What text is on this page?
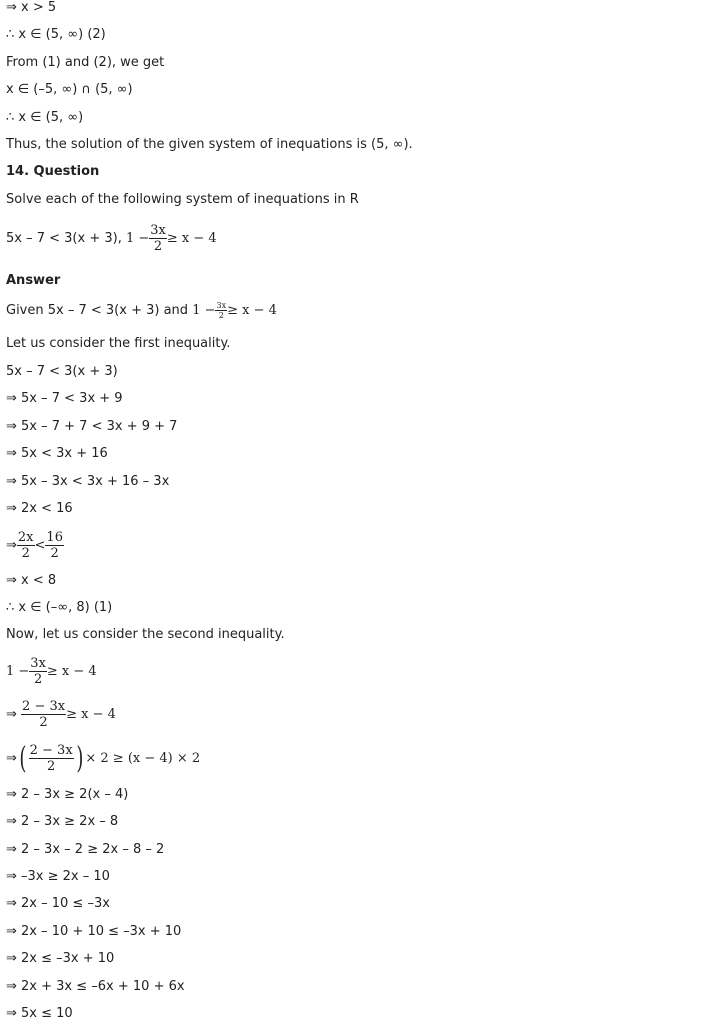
⇒ x > 5
∴ x ∈ (5, ∞) (2)
From (1) and (2), we get
x ∈ (–5, ∞) ∩ (5, ∞)
∴ x ∈ (5, ∞)
Thus, the solution of the given system of inequations is (5, ∞).
14. Question
Solve each of the following system of inequations in R
5x – 7 < 3(x + 3), $1 - \frac{3x}{2} \ge x - 4$
Answer
Given 5x – 7 < 3(x + 3) and $1 - \frac{3x}{2} \ge x - 4$
Let us consider the first inequality.
5x – 7 < 3(x + 3)
⇒ 5x – 7 < 3x + 9
⇒ 5x – 7 + 7 < 3x + 9 + 7
⇒ 5x < 3x + 16
⇒ 5x – 3x < 3x + 16 – 3x
⇒ 2x < 16
⇒ $\frac{2x}{2} < \frac{16}{2}$
⇒ x < 8
∴ x ∈ (–∞, 8) (1)
Now, let us consider the second inequality.
$1 - \frac{3x}{2} \ge x - 4$
⇒ $\frac{2 - 3x}{2} \ge x - 4$
⇒( $\frac{2 - 3x}{2}$ ) × 2 ≥ (x − 4) × 2
⇒ 2 – 3x ≥ 2(x – 4)
⇒ 2 – 3x ≥ 2x – 8
⇒ 2 – 3x – 2 ≥ 2x – 8 – 2
⇒ –3x ≥ 2x – 10
⇒ 2x – 10 ≤ –3x
⇒ 2x – 10 + 10 ≤ –3x + 10
⇒ 2x ≤ –3x + 10
⇒ 2x + 3x ≤ –6x + 10 + 6x
⇒ 5x ≤ 10
